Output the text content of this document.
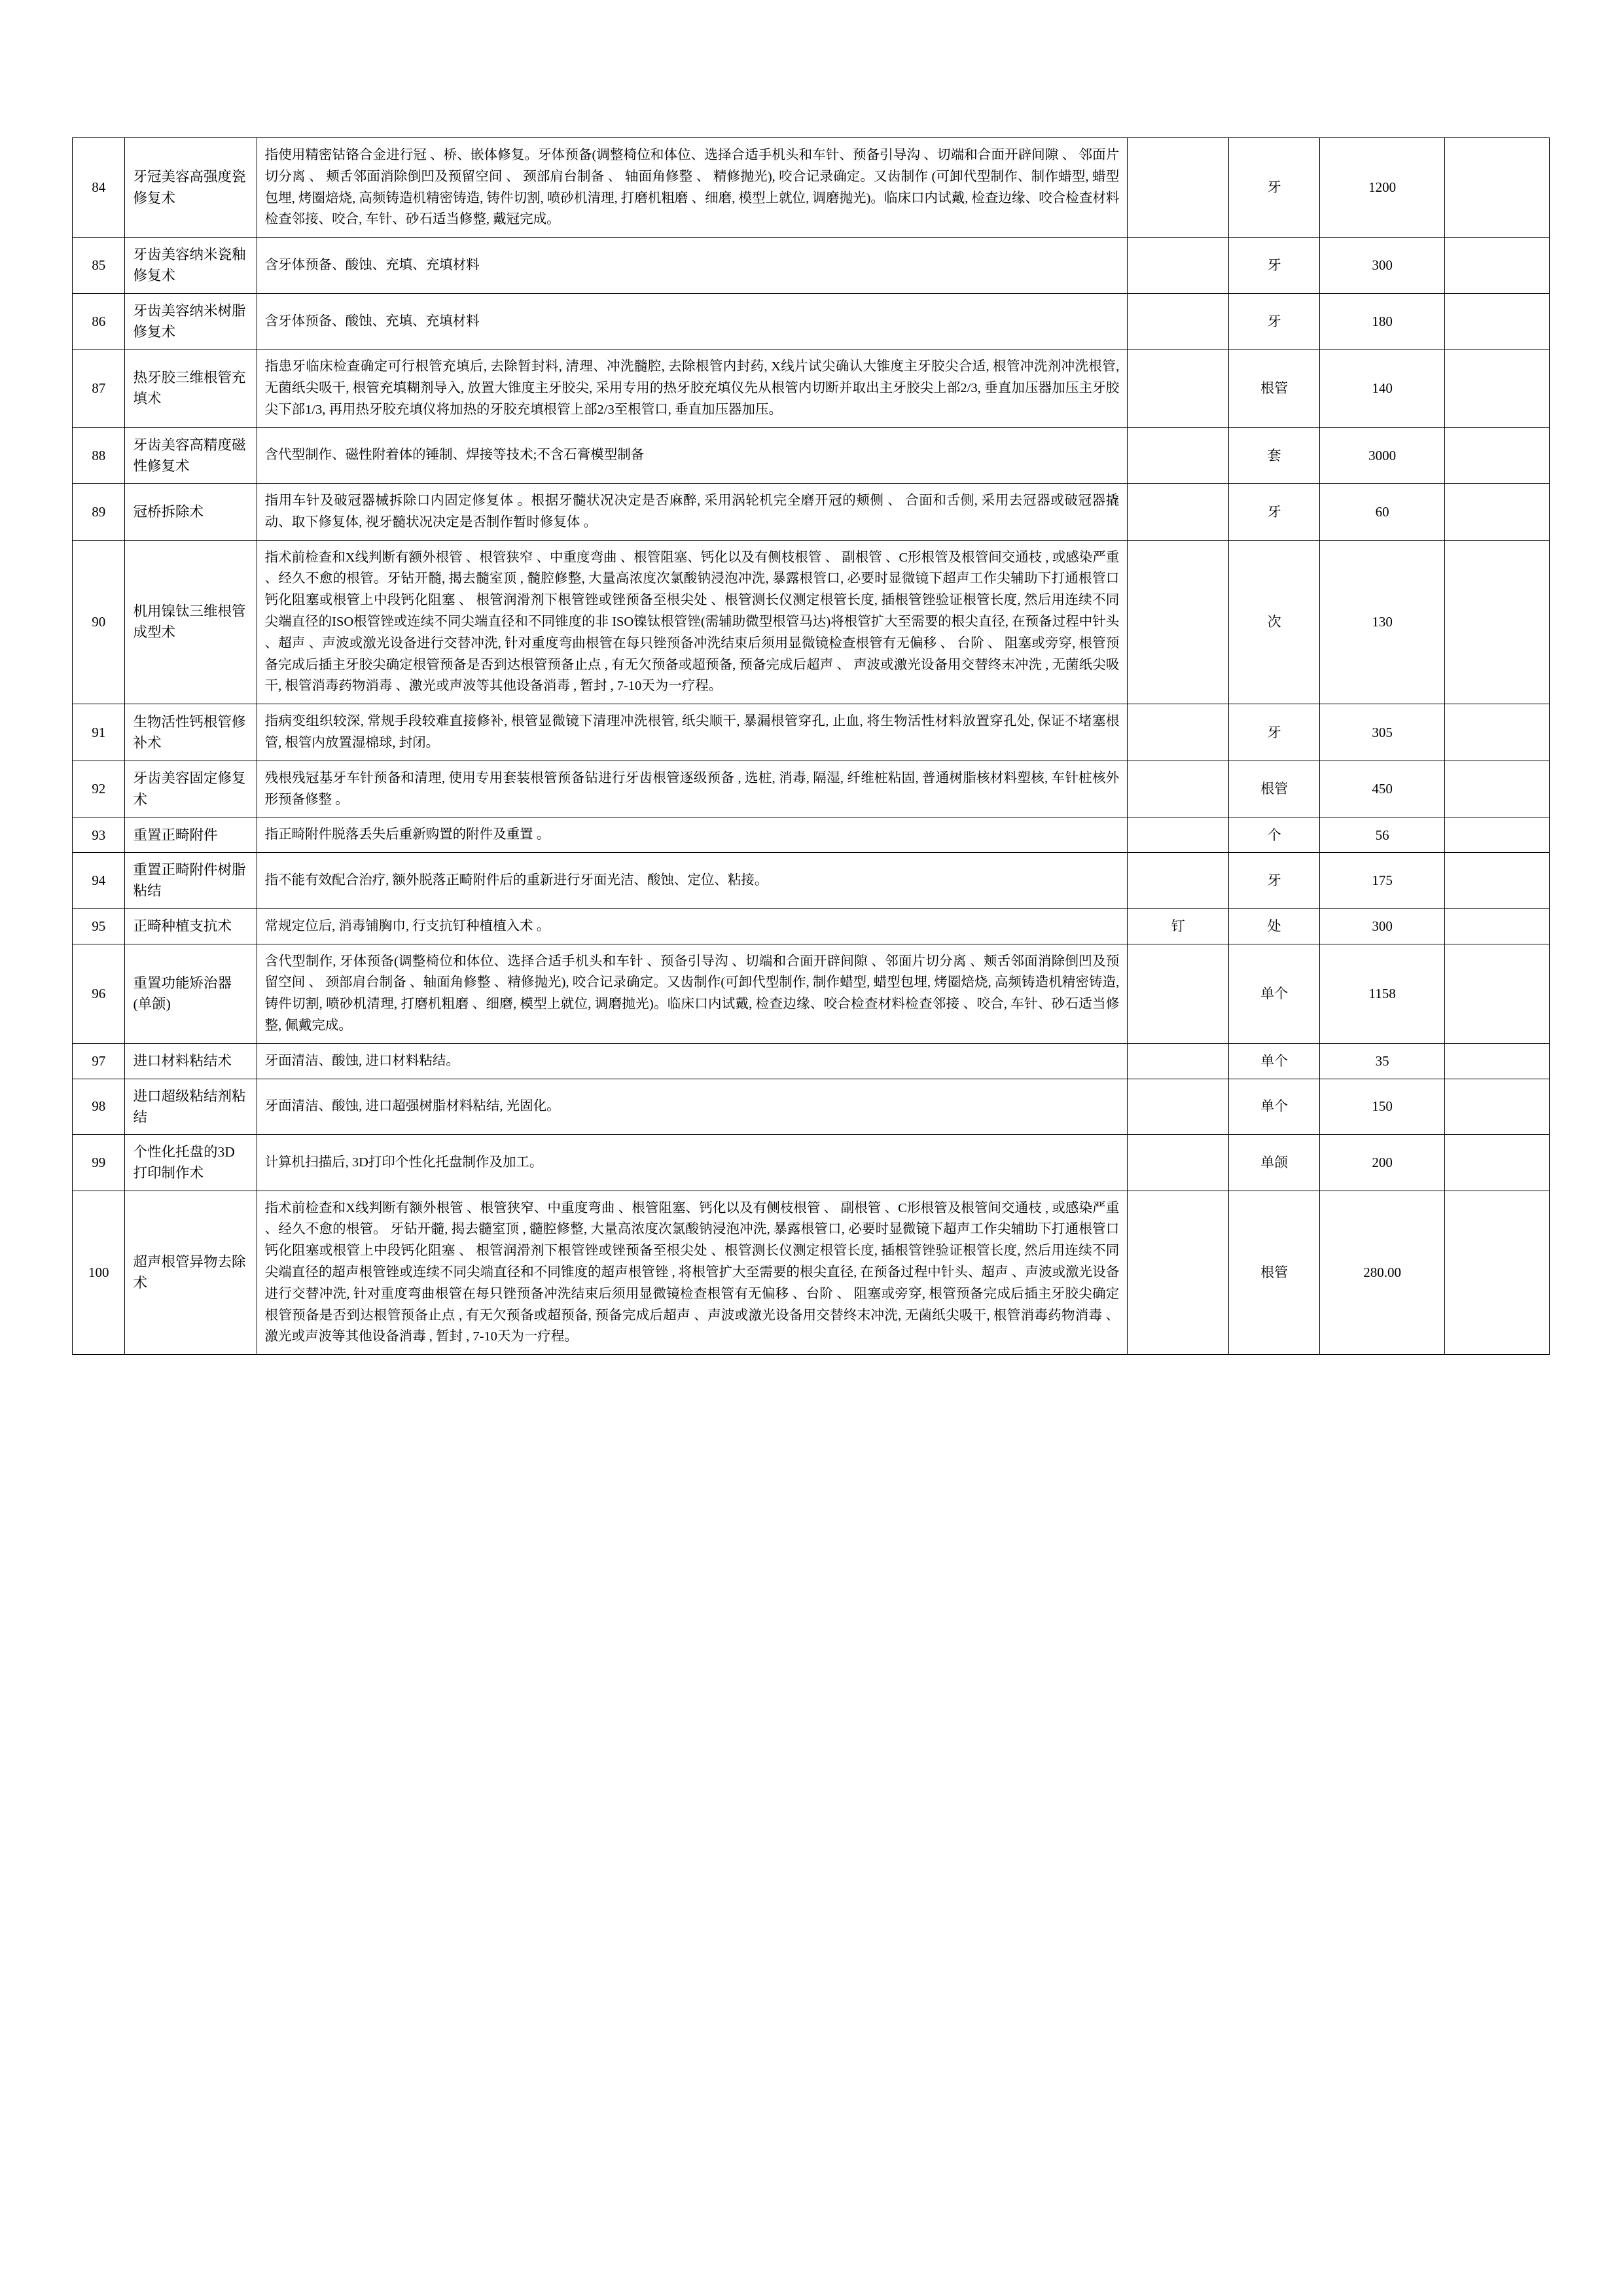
84	牙冠美容高强度瓷修复术	指使用精密钴铬合金进行冠 、桥、嵌体修复。牙体预备(调整椅位和体位、选择合适手机头和车针、预备引导沟 、切端和合面开辟间隙 、 邻面片切分离 、 颊舌邻面消除倒凹及预留空间 、 颈部肩台制备 、 轴面角修整 、 精修抛光), 咬合记录确定。又齿制作 (可卸代型制作、制作蜡型, 蜡型包埋, 烤圈焙烧, 高频铸造机精密铸造, 铸件切割, 喷砂机清理, 打磨机粗磨 、细磨, 模型上就位, 调磨抛光)。临床口内试戴, 检查边缘、咬合检查材料检查邻接、咬合, 车针、砂石适当修整, 戴冠完成。		牙	1200	
85	牙齿美容纳米瓷釉修复术	含牙体预备、酸蚀、充填、充填材料		牙	300	
86	牙齿美容纳米树脂修复术	含牙体预备、酸蚀、充填、充填材料		牙	180	
87	热牙胶三维根管充填术	指患牙临床检查确定可行根管充填后, 去除暂封料, 清理、冲洗髓腔, 去除根管内封药, X线片试尖确认大锥度主牙胶尖合适, 根管冲洗剂冲洗根管, 无菌纸尖吸干, 根管充填糊剂导入, 放置大锥度主牙胶尖, 采用专用的热牙胶充填仪先从根管内切断并取出主牙胶尖上部2/3, 垂直加压器加压主牙胶尖下部1/3, 再用热牙胶充填仪将加热的牙胶充填根管上部2/3至根管口, 垂直加压器加压。		根管	140	
88	牙齿美容高精度磁性修复术	含代型制作、磁性附着体的锤制、焊接等技术;不含石膏模型制备		套	3000	
89	冠桥拆除术	指用车针及破冠器械拆除口内固定修复体 。根据牙髓状况决定是否麻醉, 采用涡轮机完全磨开冠的颊侧 、 合面和舌侧, 采用去冠器或破冠器撬动、取下修复体, 视牙髓状况决定是否制作暂时修复体 。		牙	60	
90	机用镍钛三维根管成型术	指术前检查和X线判断有额外根管 、根管狭窄 、中重度弯曲 、根管阻塞、钙化以及有侧枝根管 、 副根管 、C形根管及根管间交通枝 , 或感染严重 、经久不愈的根管。牙钻开髓, 揭去髓室顶 , 髓腔修整, 大量高浓度次氯酸钠浸泡冲洗, 暴露根管口, 必要时显微镜下超声工作尖辅助下打通根管口钙化阻塞或根管上中段钙化阻塞 、 根管润滑剂下根管锉或锉预备至根尖处 、根管测长仪测定根管长度, 插根管锉验证根管长度, 然后用连续不同尖端直径的ISO根管锉或连续不同尖端直径和不同锥度的非 ISO镍钛根管锉(需辅助微型根管马达)将根管扩大至需要的根尖直径, 在预备过程中针头 、超声 、声波或激光设备进行交替冲洗, 针对重度弯曲根管在每只锉预备冲洗结束后须用显微镜检查根管有无偏移 、 台阶 、 阻塞或旁穿, 根管预备完成后插主牙胶尖确定根管预备是否到达根管预备止点 , 有无欠预备或超预备, 预备完成后超声 、 声波或激光设备用交替终末冲洗 , 无菌纸尖吸干, 根管消毒药物消毒 、激光或声波等其他设备消毒 , 暂封 , 7-10天为一疗程。		次	130	
91	生物活性钙根管修补术	指病变组织较深, 常规手段较难直接修补, 根管显微镜下清理冲洗根管, 纸尖顺干, 暴漏根管穿孔, 止血, 将生物活性材料放置穿孔处, 保证不堵塞根管, 根管内放置湿棉球, 封闭。		牙	305	
92	牙齿美容固定修复术	残根残冠基牙车针预备和清理, 使用专用套装根管预备钻进行牙齿根管逐级预备 , 选桩, 消毒, 隔湿, 纤维桩粘固, 普通树脂核材料塑核, 车针桩核外形预备修整 。		根管	450	
93	重置正畸附件	指正畸附件脱落丢失后重新购置的附件及重置 。		个	56	
94	重置正畸附件树脂粘结	指不能有效配合治疗, 额外脱落正畸附件后的重新进行牙面光洁、酸蚀、定位、粘接。		牙	175	
95	正畸种植支抗术	常规定位后, 消毒铺胸巾, 行支抗钉种植植入术 。	钉	处	300	
96	重置功能矫治器(单颌)	含代型制作, 牙体预备(调整椅位和体位、选择合适手机头和车针 、预备引导沟 、切端和合面开辟间隙 、邻面片切分离 、颊舌邻面消除倒凹及预留空间 、 颈部肩台制备 、轴面角修整 、精修抛光), 咬合记录确定。又齿制作(可卸代型制作, 制作蜡型, 蜡型包埋, 烤圈焙烧, 高频铸造机精密铸造, 铸件切割, 喷砂机清理, 打磨机粗磨 、细磨, 模型上就位, 调磨抛光)。临床口内试戴, 检查边缘、咬合检查材料检查邻接 、咬合, 车针、砂石适当修整, 佩戴完成。		单个	1158	
97	进口材料粘结术	牙面清洁、酸蚀, 进口材料粘结。		单个	35	
98	进口超级粘结剂粘结	牙面清洁、酸蚀, 进口超强树脂材料粘结, 光固化。		单个	150	
99	个性化托盘的3D打印制作术	计算机扫描后, 3D打印个性化托盘制作及加工。		单颌	200	
100	超声根管异物去除术	指术前检查和X线判断有额外根管 、根管狭窄、中重度弯曲 、根管阻塞、钙化以及有侧枝根管 、 副根管 、C形根管及根管间交通枝 , 或感染严重 、经久不愈的根管。 牙钻开髓, 揭去髓室顶 , 髓腔修整, 大量高浓度次氯酸钠浸泡冲洗, 暴露根管口, 必要时显微镜下超声工作尖辅助下打通根管口钙化阻塞或根管上中段钙化阻塞 、 根管润滑剂下根管锉或锉预备至根尖处 、根管测长仪测定根管长度, 插根管锉验证根管长度, 然后用连续不同尖端直径的超声根管锉或连续不同尖端直径和不同锥度的超声根管锉 , 将根管扩大至需要的根尖直径, 在预备过程中针头、超声 、声波或激光设备进行交替冲洗, 针对重度弯曲根管在每只锉预备冲洗结束后须用显微镜检查根管有无偏移 、台阶 、 阻塞或旁穿, 根管预备完成后插主牙胶尖确定根管预备是否到达根管预备止点 , 有无欠预备或超预备, 预备完成后超声 、声波或激光设备用交替终末冲洗, 无菌纸尖吸干, 根管消毒药物消毒 、激光或声波等其他设备消毒 , 暂封 , 7-10天为一疗程。		根管	280.00	
